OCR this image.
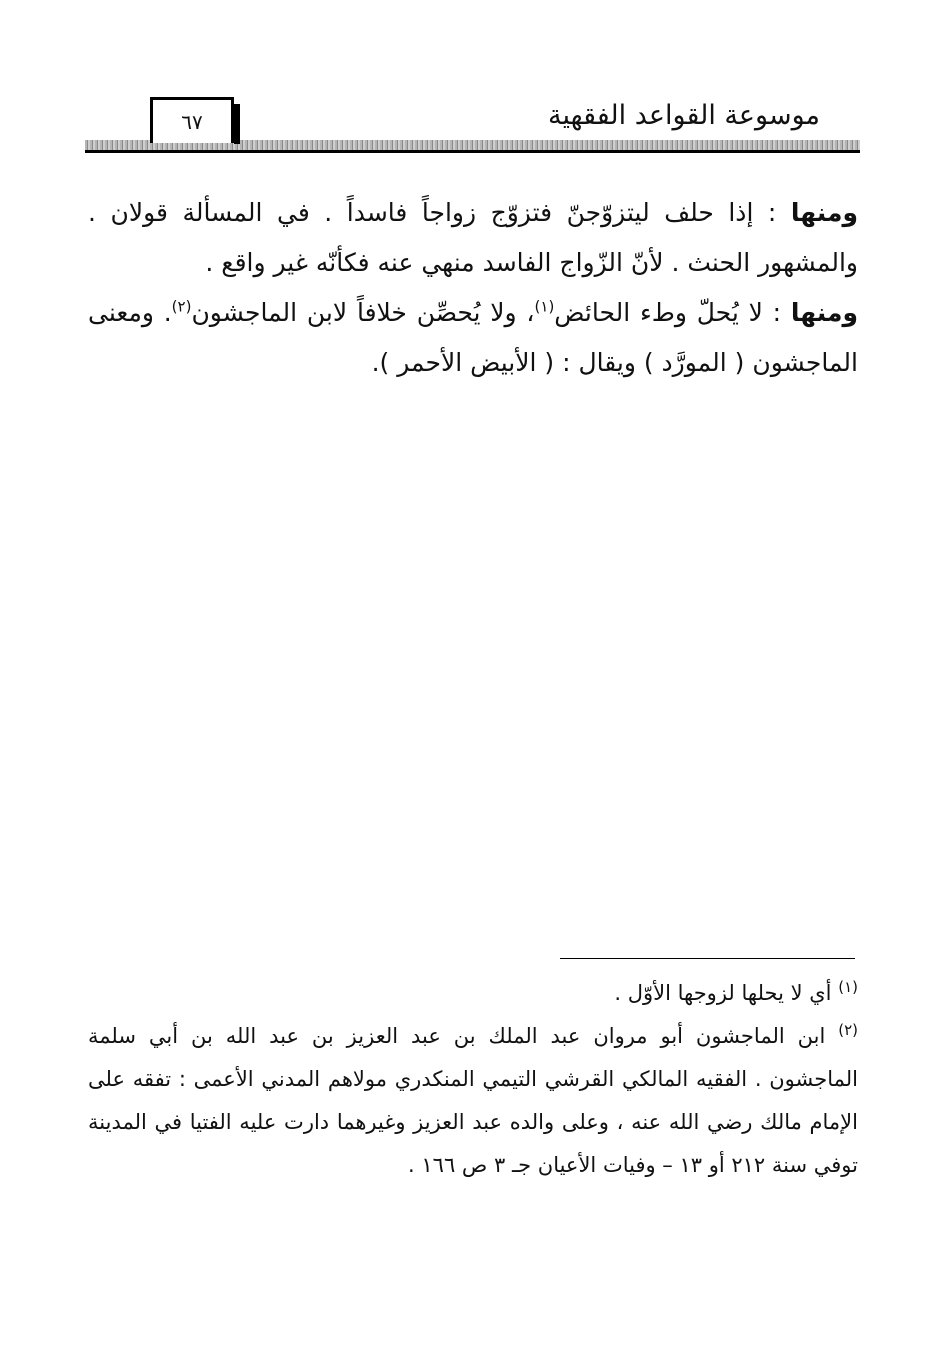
موسوعة القواعد الفقهية
٦٧

ومنها : إذا حلف ليتزوّجنّ فتزوّج زواجاً فاسداً . في المسألة قولان . والمشهور الحنث . لأنّ الزّواج الفاسد منهي عنه فكأنّه غير واقع .

ومنها : لا يُحلّ وطء الحائض$^{(١)}$، ولا يُحصِّن خلافاً لابن الماجشون$^{(٢)}$. ومعنى الماجشون ( المورَّد ) ويقال : ( الأبيض الأحمر ).

$^{(١)}$ أي لا يحلها لزوجها الأوّل .

$^{(٢)}$ ابن الماجشون أبو مروان عبد الملك بن عبد العزيز بن عبد الله بن أبي سلمة الماجشون . الفقيه المالكي القرشي التيمي المنكدري مولاهم المدني الأعمى : تفقه على الإمام مالك رضي الله عنه ، وعلى والده عبد العزيز وغيرهما دارت عليه الفتيا في المدينة توفي سنة ٢١٢ أو ١٣ – وفيات الأعيان جـ ٣ ص ١٦٦ .
